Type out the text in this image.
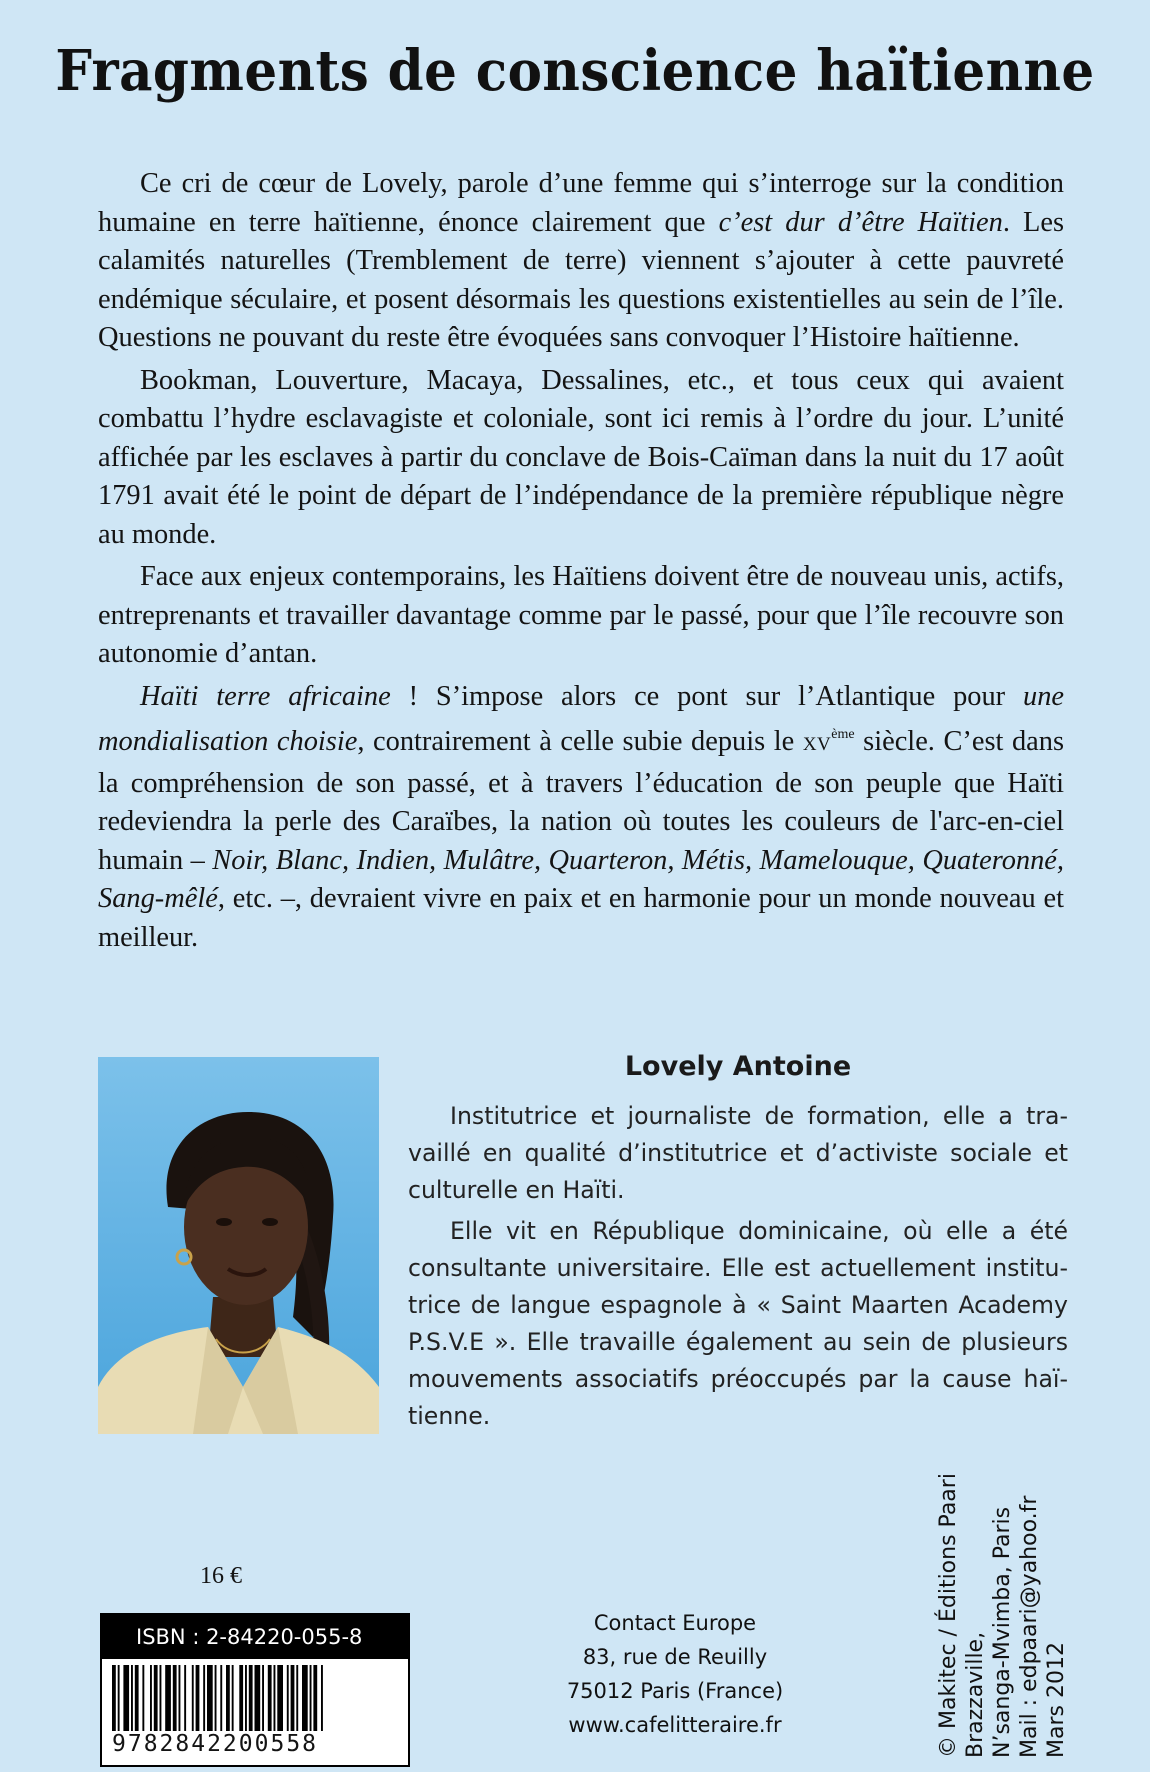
Fragments de conscience haïtienne

Ce cri de cœur de Lovely, parole d’une femme qui s’interroge sur la condition humaine en terre haïtienne, énonce clairement que c’est dur d’être Haïtien. Les calamités naturelles (Tremblement de terre) viennent s’ajouter à cette pauvreté endémique séculaire, et posent désormais les questions existentielles au sein de l’île. Questions ne pouvant du reste être évoquées sans convoquer l’Histoire haïtienne.

Bookman, Louverture, Macaya, Dessalines, etc., et tous ceux qui avaient combattu l’hydre esclavagiste et coloniale, sont ici remis à l’ordre du jour. L’unité affichée par les esclaves à partir du conclave de Bois-Caïman dans la nuit du 17 août 1791 avait été le point de départ de l’indépendance de la première république nègre au monde.

Face aux enjeux contemporains, les Haïtiens doivent être de nouveau unis, actifs, entreprenants et travailler davantage comme par le passé, pour que l’île recouvre son autonomie d’antan.

Haïti terre africaine ! S’impose alors ce pont sur l’Atlantique pour une mondialisation choisie, contrairement à celle subie depuis le XVème siècle. C’est dans la compréhension de son passé, et à travers l’éducation de son peuple que Haïti redeviendra la perle des Caraïbes, la nation où toutes les couleurs de l'arc-en-ciel humain – Noir, Blanc, Indien, Mulâtre, Quarteron, Métis, Mamelouque, Quateronné, Sang-mêlé, etc. –, devraient vivre en paix et en harmonie pour un monde nouveau et meilleur.

Lovely Antoine

Institutrice et journaliste de formation, elle a travaillé en qualité d’institutrice et d’activiste sociale et culturelle en Haïti.

Elle vit en République dominicaine, où elle a été consultante universitaire. Elle est actuellement institutrice de langue espagnole à « Saint Maarten Academy P.S.V.E ». Elle travaille également au sein de plusieurs mouvements associatifs préoccupés par la cause haïtienne.

16 €
ISBN : 2-84220-055-8
9782842200558
Contact Europe
83, rue de Reuilly
75012 Paris (France)
www.cafelitteraire.fr	© Makitec / Éditions Paari Brazzaville, N’sanga-Mvimba, Paris Mail : edpaari@yahoo.fr Mars 2012
